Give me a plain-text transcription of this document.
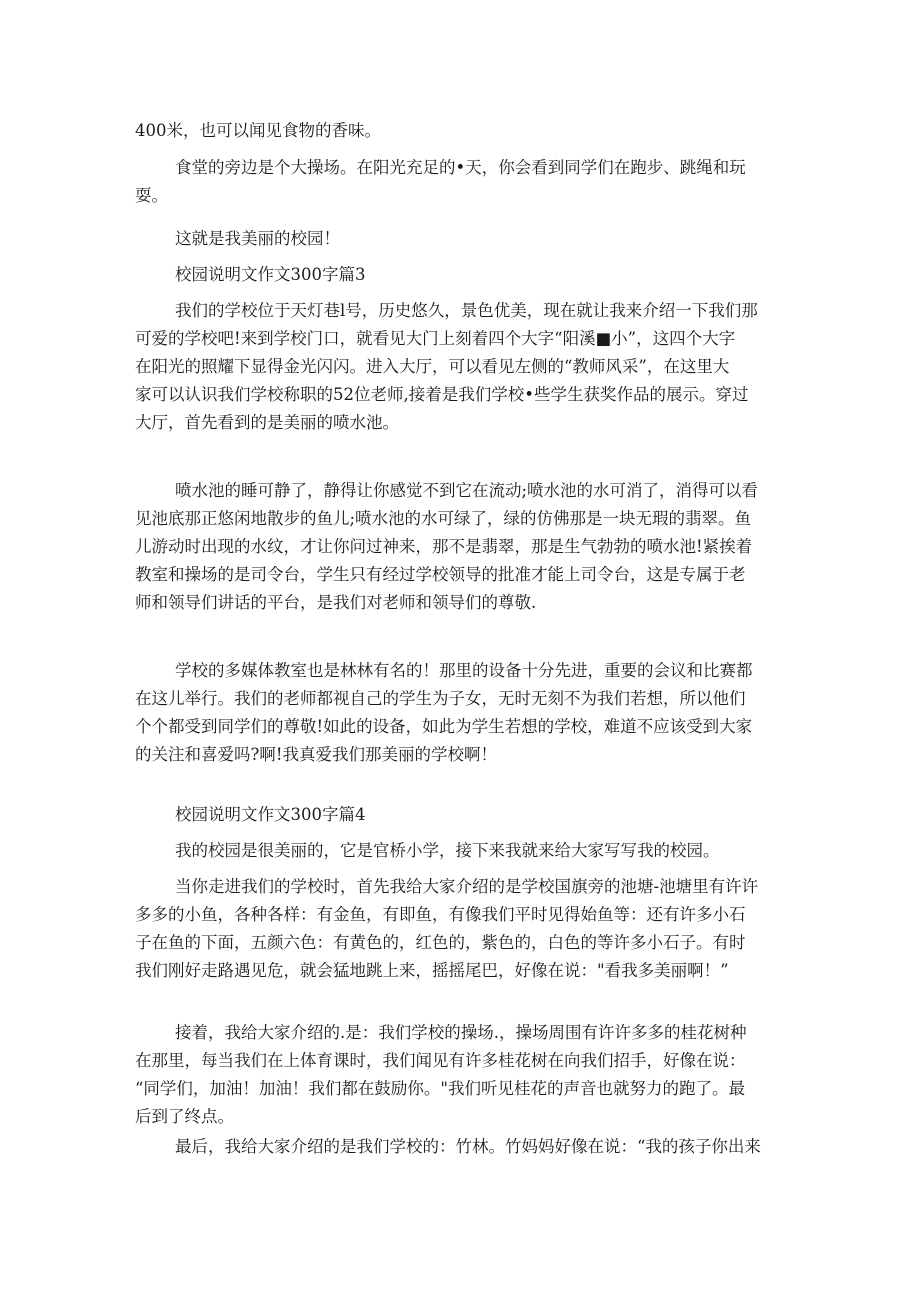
400米，也可以闻见食物的香味。
食堂的旁边是个大操场。在阳光充足的•天，你会看到同学们在跑步、跳绳和玩
耍。
这就是我美丽的校园！
校园说明文作文300字篇3
我们的学校位于天灯巷l号，历史悠久，景色优美，现在就让我来介绍一下我们那
可爱的学校吧!来到学校门口，就看见大门上刻着四个大字“阳溪■小”，这四个大字
在阳光的照耀下显得金光闪闪。进入大厅，可以看见左侧的“教师风采”，在这里大
家可以认识我们学校称职的52位老师,接着是我们学校•些学生获奖作品的展示。穿过
大厅，首先看到的是美丽的喷水池。
喷水池的睡可静了，静得让你感觉不到它在流动;喷水池的水可消了，消得可以看
见池底那正悠闲地散步的鱼儿;喷水池的水可绿了，绿的仿佛那是一块无瑕的翡翠。鱼
儿游动时出现的水纹，才让你问过神来，那不是翡翠，那是生气勃勃的喷水池!紧挨着
教室和操场的是司令台，学生只有经过学校领导的批准才能上司令台，这是专属于老
师和领导们讲话的平台，是我们对老师和领导们的尊敬.
学校的多媒体教室也是林林有名的！那里的设备十分先进，重要的会议和比赛都
在这儿举行。我们的老师都视自己的学生为子女，无时无刻不为我们若想，所以他们
个个都受到同学们的尊敬!如此的设备，如此为学生若想的学校，难道不应该受到大家
的关注和喜爱吗?啊!我真爱我们那美丽的学校啊！
校园说明文作文300字篇4
我的校园是很美丽的，它是官桥小学，接下来我就来给大家写写我的校园。
当你走进我们的学校时，首先我给大家介绍的是学校国旗旁的池塘-池塘里有许许
多多的小鱼，各种各样：有金鱼，有即鱼，有像我们平时见得始鱼等：还有许多小石
子在鱼的下面，五颜六色：有黄色的，红色的，紫色的，白色的等许多小石子。有时
我们刚好走路遇见危，就会猛地跳上来，摇摇尾巴，好像在说："看我多美丽啊！”
接着，我给大家介绍的.是：我们学校的操场.，操场周围有许许多多的桂花树种
在那里，每当我们在上体育课时，我们闻见有许多桂花树在向我们招手，好像在说：
“同学们，加油！加油！我们都在鼓励你。"我们听见桂花的声音也就努力的跑了。最
后到了终点。
最后，我给大家介绍的是我们学校的：竹林。竹妈妈好像在说：“我的孩子你出来
